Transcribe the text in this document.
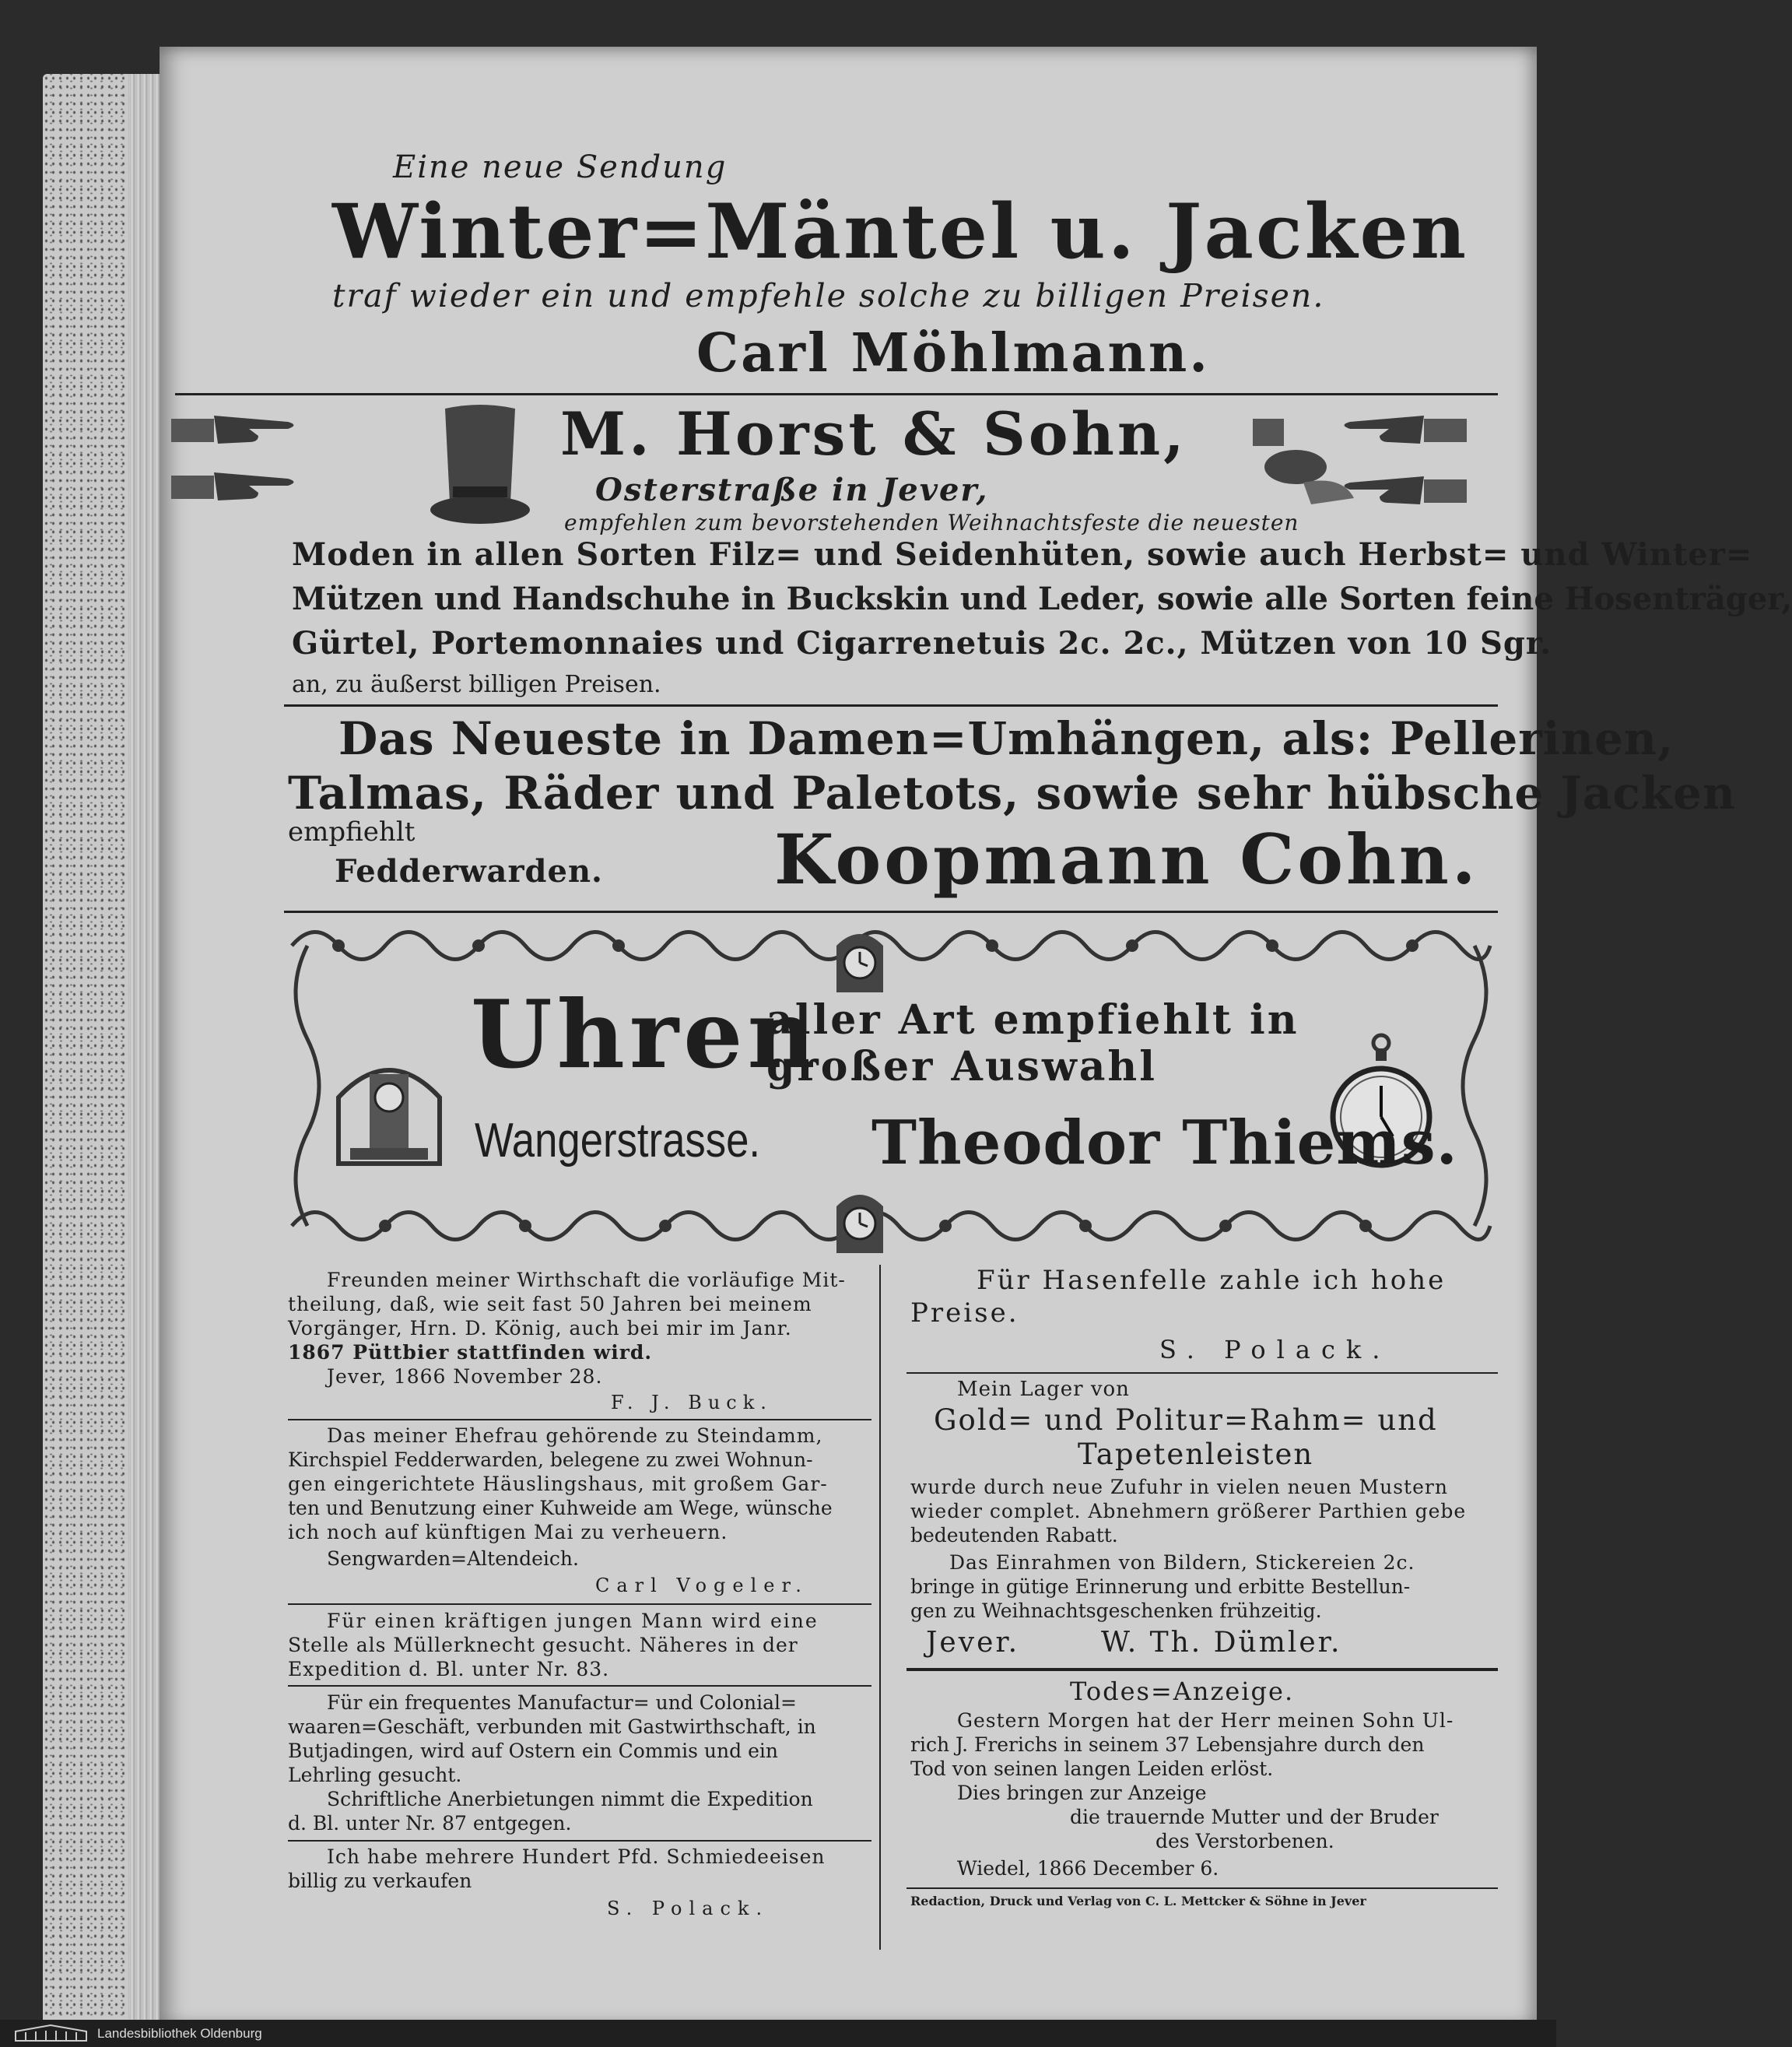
Eine neue Sendung
Winter=Mäntel u. Jacken
traf wieder ein und empfehle solche zu billigen Preisen.
Carl Möhlmann.
M. Horst & Sohn,
Osterstraße in Jever,
empfehlen zum bevorstehenden Weihnachtsfeste die neuesten
Moden in allen Sorten Filz= und Seidenhüten, sowie auch Herbst= und Winter=
Mützen und Handschuhe in Buckskin und Leder, sowie alle Sorten feine Hosenträger,
Gürtel, Portemonnaies und Cigarrenetuis 2c. 2c., Mützen von 10 Sgr.
an, zu äußerst billigen Preisen.
Das Neueste in Damen=Umhängen, als: Pellerinen,
Talmas, Räder und Paletots, sowie sehr hübsche Jacken
empfiehlt
Fedderwarden.	Koopmann Cohn.
Uhren
aller Art empfiehlt in
großer Auswahl
Wangerstrasse. Theodor Thiems.
Freunden meiner Wirthschaft die vorläufige Mit-
theilung, daß, wie seit fast 50 Jahren bei meinem
Vorgänger, Hrn. D. König, auch bei mir im Janr.
1867 Püttbier stattfinden wird.
Jever, 1866 November 28.
F. J. Buck.
Das meiner Ehefrau gehörende zu Steindamm,
Kirchspiel Fedderwarden, belegene zu zwei Wohnun-
gen eingerichtete Häuslingshaus, mit großem Gar-
ten und Benutzung einer Kuhweide am Wege, wünsche
ich noch auf künftigen Mai zu verheuern.
Sengwarden=Altendeich.
Carl Vogeler.
Für einen kräftigen jungen Mann wird eine
Stelle als Müllerknecht gesucht. Näheres in der
Expedition d. Bl. unter Nr. 83.
Für ein frequentes Manufactur= und Colonial=
waaren=Geschäft, verbunden mit Gastwirthschaft, in
Butjadingen, wird auf Ostern ein Commis und ein
Lehrling gesucht.
Schriftliche Anerbietungen nimmt die Expedition
d. Bl. unter Nr. 87 entgegen.
Ich habe mehrere Hundert Pfd. Schmiedeeisen
billig zu verkaufen
S. Polack.
Für Hasenfelle zahle ich hohe
Preise.
S. Polack.
Mein Lager von
Gold= und Politur=Rahm= und
Tapetenleisten
wurde durch neue Zufuhr in vielen neuen Mustern
wieder complet. Abnehmern größerer Parthien gebe
bedeutenden Rabatt.
Das Einrahmen von Bildern, Stickereien 2c.
bringe in gütige Erinnerung und erbitte Bestellun-
gen zu Weihnachtsgeschenken frühzeitig.
Jever.	W. Th. Dümler.
Todes=Anzeige.
Gestern Morgen hat der Herr meinen Sohn Ul-
rich J. Frerichs in seinem 37 Lebensjahre durch den
Tod von seinen langen Leiden erlöst.
Dies bringen zur Anzeige
die trauernde Mutter und der Bruder
des Verstorbenen.
Wiedel, 1866 December 6.
Redaction, Druck und Verlag von C. L. Mettcker & Söhne in Jever
Landesbibliothek Oldenburg
